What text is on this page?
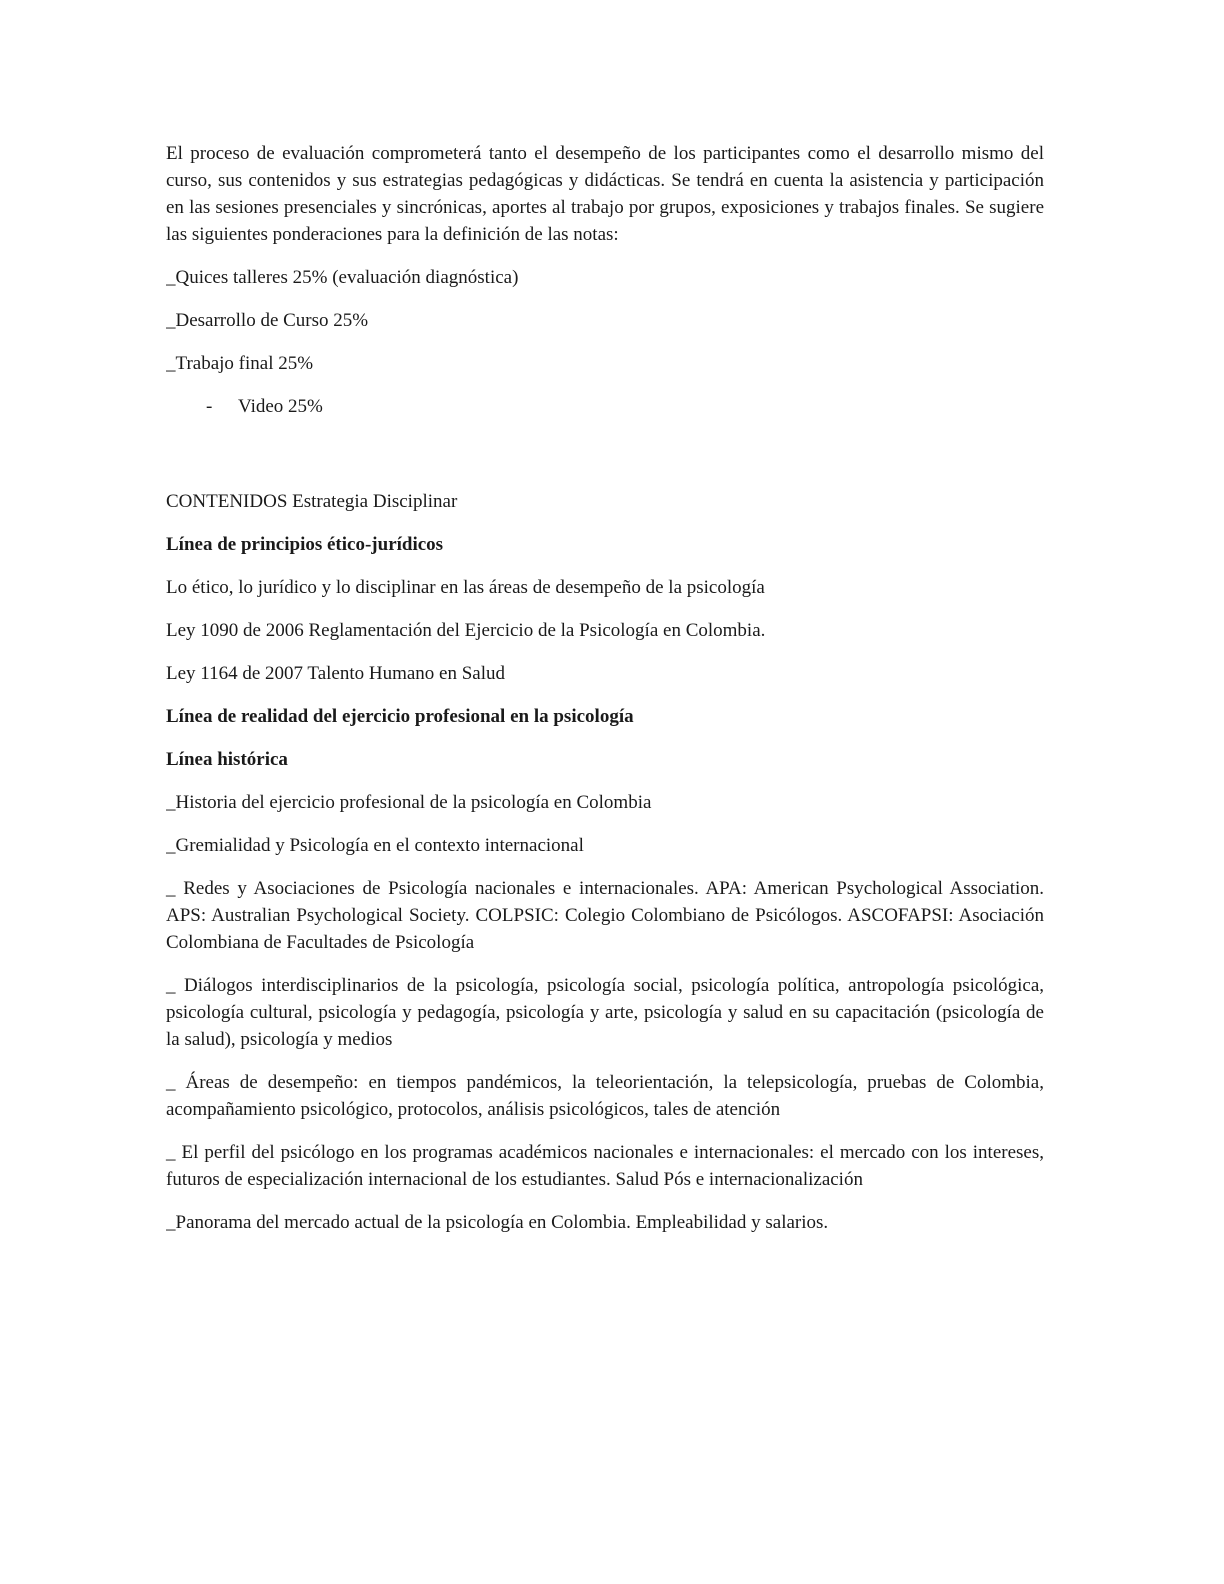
El proceso de evaluación comprometerá tanto el desempeño de los participantes como el desarrollo mismo del curso, sus contenidos y sus estrategias pedagógicas y didácticas. Se tendrá en cuenta la asistencia y participación en las sesiones presenciales y sincrónicas, aportes al trabajo por grupos, exposiciones y trabajos finales. Se sugiere las siguientes ponderaciones para la definición de las notas:

_Quices talleres 25% (evaluación diagnóstica)
_Desarrollo de Curso 25%
_Trabajo final 25%
-	Video 25%
CONTENIDOS Estrategia Disciplinar
Línea de principios ético-jurídicos
Lo ético, lo jurídico y lo disciplinar en las áreas de desempeño de la psicología
Ley 1090 de 2006 Reglamentación del Ejercicio de la Psicología en Colombia.
Ley 1164 de 2007 Talento Humano en Salud
Línea de realidad del ejercicio profesional en la psicología
Línea histórica
_Historia del ejercicio profesional de la psicología en Colombia
_Gremialidad y Psicología en el contexto internacional

_ Redes y Asociaciones de Psicología nacionales e internacionales. APA: American Psychological Association. APS: Australian Psychological Society. COLPSIC: Colegio Colombiano de Psicólogos. ASCOFAPSI: Asociación Colombiana de Facultades de Psicología

_ Diálogos interdisciplinarios de la psicología, psicología social, psicología política, antropología psicológica, psicología cultural, psicología y pedagogía, psicología y arte, psicología y salud en su capacitación (psicología de la salud), psicología y medios

_ Áreas de desempeño: en tiempos pandémicos, la teleorientación, la telepsicología, pruebas de Colombia, acompañamiento psicológico, protocolos, análisis psicológicos, tales de atención

_ El perfil del psicólogo en los programas académicos nacionales e internacionales: el mercado con los intereses, futuros de especialización internacional de los estudiantes. Salud Pós e internacionalización

_Panorama del mercado actual de la psicología en Colombia. Empleabilidad y salarios.
